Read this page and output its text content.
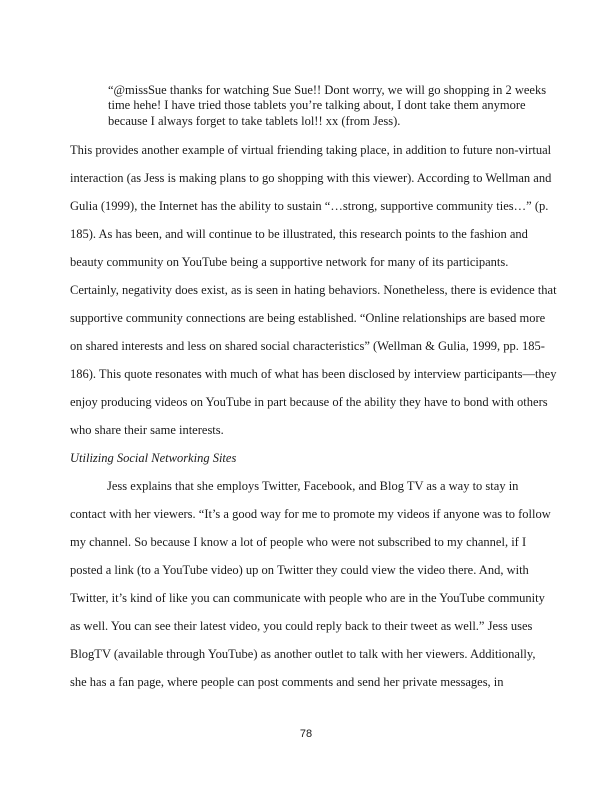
“@missSue thanks for watching Sue Sue!! Dont worry, we will go shopping in 2 weeks
time hehe! I have tried those tablets you’re talking about, I dont take them anymore
because I always forget to take tablets lol!! xx (from Jess).
This provides another example of virtual friending taking place, in addition to future non-virtual
interaction (as Jess is making plans to go shopping with this viewer). According to Wellman and
Gulia (1999), the Internet has the ability to sustain “…strong, supportive community ties…” (p.
185). As has been, and will continue to be illustrated, this research points to the fashion and
beauty community on YouTube being a supportive network for many of its participants.
Certainly, negativity does exist, as is seen in hating behaviors. Nonetheless, there is evidence that
supportive community connections are being established. “Online relationships are based more
on shared interests and less on shared social characteristics” (Wellman & Gulia, 1999, pp. 185-
186). This quote resonates with much of what has been disclosed by interview participants—they
enjoy producing videos on YouTube in part because of the ability they have to bond with others
who share their same interests.
Utilizing Social Networking Sites
Jess explains that she employs Twitter, Facebook, and Blog TV as a way to stay in
contact with her viewers. “It’s a good way for me to promote my videos if anyone was to follow
my channel. So because I know a lot of people who were not subscribed to my channel, if I
posted a link (to a YouTube video) up on Twitter they could view the video there. And, with
Twitter, it’s kind of like you can communicate with people who are in the YouTube community
as well. You can see their latest video, you could reply back to their tweet as well.” Jess uses
BlogTV (available through YouTube) as another outlet to talk with her viewers. Additionally,
she has a fan page, where people can post comments and send her private messages, in
78
